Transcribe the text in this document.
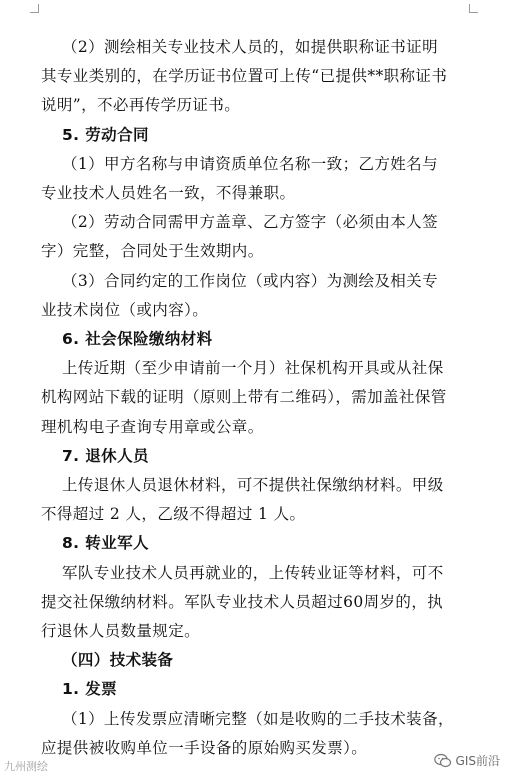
（2）测绘相关专业技术人员的，如提供职称证书证明
其专业类别的，在学历证书位置可上传“已提供**职称证书
说明”，不必再传学历证书。
5. 劳动合同
（1）甲方名称与申请资质单位名称一致；乙方姓名与
专业技术人员姓名一致，不得兼职。
（2）劳动合同需甲方盖章、乙方签字（必须由本人签
字）完整，合同处于生效期内。
（3）合同约定的工作岗位（或内容）为测绘及相关专
业技术岗位（或内容）。
6. 社会保险缴纳材料
上传近期（至少申请前一个月）社保机构开具或从社保
机构网站下载的证明（原则上带有二维码），需加盖社保管
理机构电子查询专用章或公章。
7. 退休人员
上传退休人员退休材料，可不提供社保缴纳材料。甲级
不得超过 2 人，乙级不得超过 1 人。
8. 转业军人
军队专业技术人员再就业的，上传转业证等材料，可不
提交社保缴纳材料。军队专业技术人员超过60周岁的，执
行退休人员数量规定。
（四）技术装备
1. 发票
（1）上传发票应清晰完整（如是收购的二手技术装备，
应提供被收购单位一手设备的原始购买发票）。
九州测绘	GIS前沿
